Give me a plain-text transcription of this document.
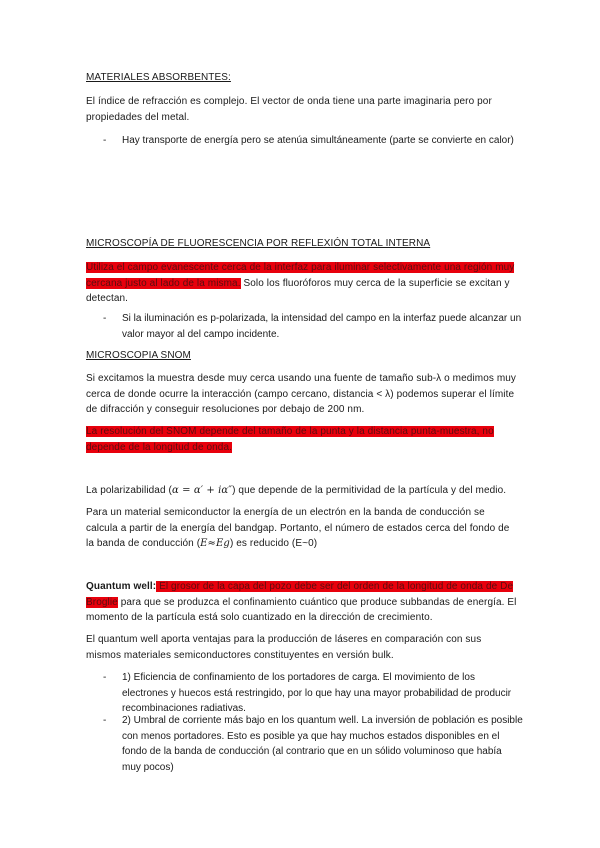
MATERIALES ABSORBENTES:

El índice de refracción es complejo. El vector de onda tiene una parte imaginaria pero por propiedades del metal.

-	Hay transporte de energía pero se atenúa simultáneamente (parte se convierte en calor)

MICROSCOPÍA DE FLUORESCENCIA POR REFLEXIÓN TOTAL INTERNA

Utiliza el campo evanescente cerca de la interfaz para iluminar selectivamente una región muy cercana justo al lado de la misma. Solo los fluoróforos muy cerca de la superficie se excitan y detectan.

-	Si la iluminación es p-polarizada, la intensidad del campo en la interfaz puede alcanzar un valor mayor al del campo incidente.

MICROSCOPIA SNOM

Si excitamos la muestra desde muy cerca usando una fuente de tamaño sub-λ o medimos muy cerca de donde ocurre la interacción (campo cercano, distancia < λ) podemos superar el límite de difracción y conseguir resoluciones por debajo de 200 nm.

La resolución del SNOM depende del tamaño de la punta y la distancia punta-muestra, no depende de la longitud de onda.

La polarizabilidad (α = α′ + iα″) que depende de la permitividad de la partícula y del medio.

Para un material semiconductor la energía de un electrón en la banda de conducción se calcula a partir de la energía del bandgap. Portanto, el número de estados cerca del fondo de la banda de conducción (E≈Eg) es reducido (E~0)

Quantum well: El grosor de la capa del pozo debe ser del orden de la longitud de onda de De Broglie para que se produzca el confinamiento cuántico que produce subbandas de energía. El momento de la partícula está solo cuantizado en la dirección de crecimiento.

El quantum well aporta ventajas para la producción de láseres en comparación con sus mismos materiales semiconductores constituyentes en versión bulk.

-	1) Eficiencia de confinamiento de los portadores de carga. El movimiento de los electrones y huecos está restringido, por lo que hay una mayor probabilidad de producir recombinaciones radiativas.
-	2) Umbral de corriente más bajo en los quantum well. La inversión de población es posible con menos portadores. Esto es posible ya que hay muchos estados disponibles en el fondo de la banda de conducción (al contrario que en un sólido voluminoso que había muy pocos)
